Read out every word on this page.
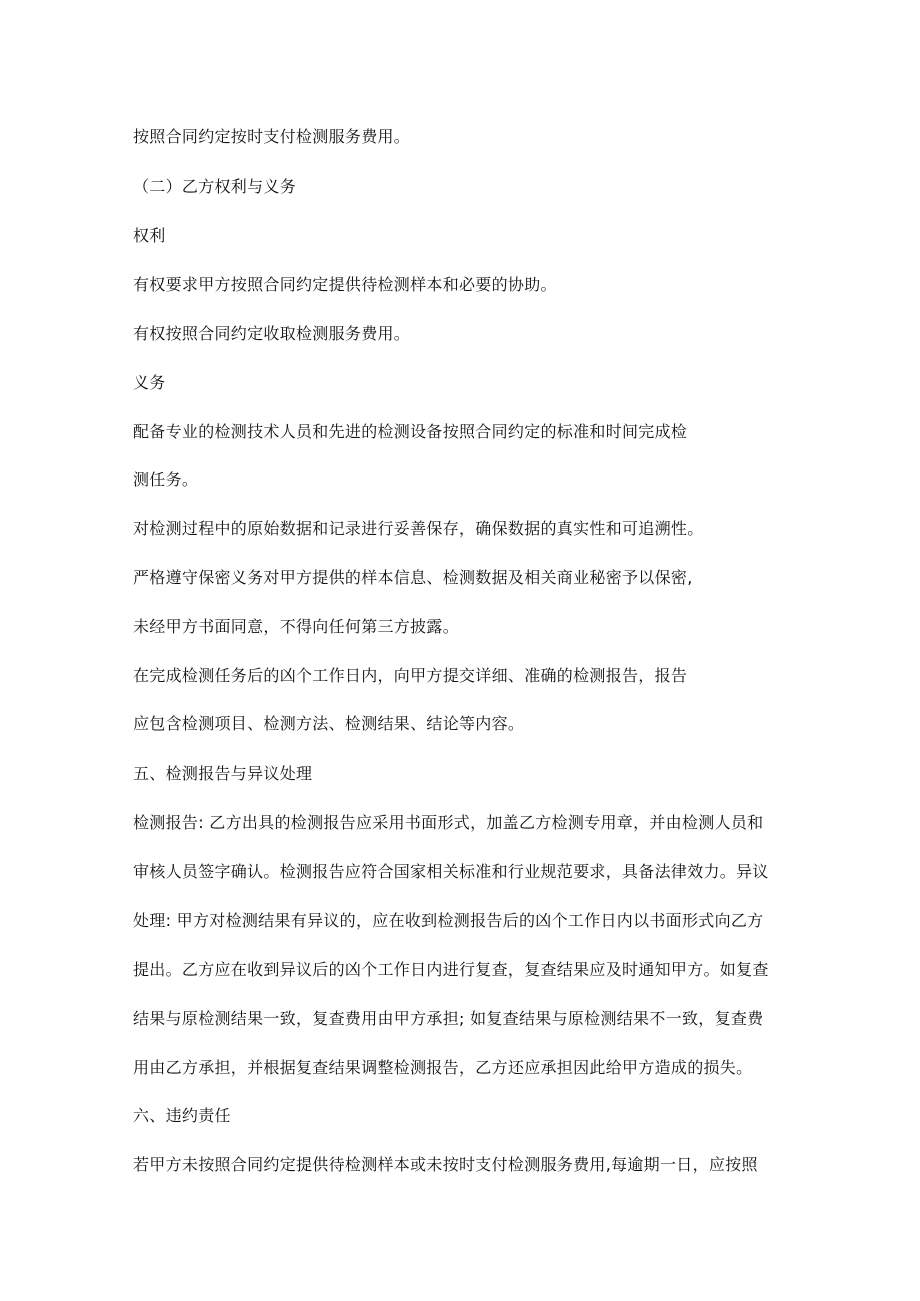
按照合同约定按时支付检测服务费用。
（二）乙方权利与义务
权利
有权要求甲方按照合同约定提供待检测样本和必要的协助。
有权按照合同约定收取检测服务费用。
义务
配备专业的检测技术人员和先进的检测设备按照合同约定的标准和时间完成检
测任务。
对检测过程中的原始数据和记录进行妥善保存，确保数据的真实性和可追溯性。
严格遵守保密义务对甲方提供的样本信息、检测数据及相关商业秘密予以保密,
未经甲方书面同意，不得向任何第三方披露。
在完成检测任务后的凶个工作日内，向甲方提交详细、准确的检测报告，报告
应包含检测项目、检测方法、检测结果、结论等内容。
五、检测报告与异议处理
检测报告: 乙方出具的检测报告应采用书面形式，加盖乙方检测专用章，并由检测人员和
审核人员签字确认。检测报告应符合国家相关标准和行业规范要求，具备法律效力。异议
处理: 甲方对检测结果有异议的，应在收到检测报告后的凶个工作日内以书面形式向乙方
提出。乙方应在收到异议后的凶个工作日内进行复查，复查结果应及时通知甲方。如复查
结果与原检测结果一致，复查费用由甲方承担; 如复查结果与原检测结果不一致，复查费
用由乙方承担，并根据复查结果调整检测报告，乙方还应承担因此给甲方造成的损失。
六、违约责任
若甲方未按照合同约定提供待检测样本或未按时支付检测服务费用,每逾期一日，应按照
